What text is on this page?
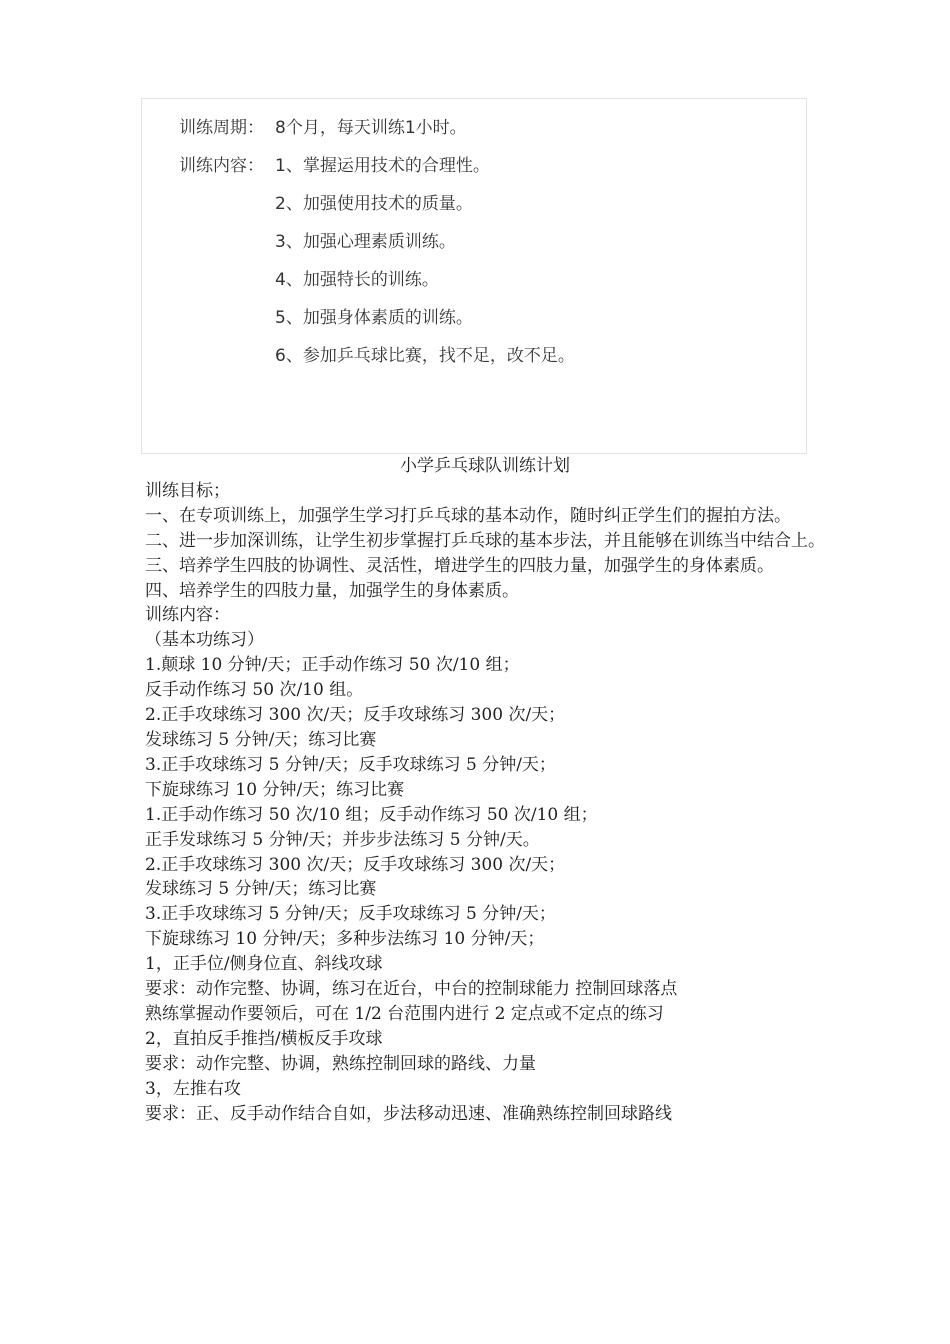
训练周期： 8个月，每天训练1小时。
训练内容： 1、掌握运用技术的合理性。
2、加强使用技术的质量。
3、加强心理素质训练。
4、加强特长的训练。
5、加强身体素质的训练。
6、参加乒乓球比赛，找不足，改不足。
小学乒乓球队训练计划
训练目标；
一、在专项训练上，加强学生学习打乒乓球的基本动作，随时纠正学生们的握拍方法。
二、进一步加深训练，让学生初步掌握打乒乓球的基本步法，并且能够在训练当中结合上。
三、培养学生四肢的协调性、灵活性，增进学生的四肢力量，加强学生的身体素质。
四、培养学生的四肢力量，加强学生的身体素质。
训练内容：
（基本功练习）
1.颠球 10 分钟/天；正手动作练习 50 次/10 组；
反手动作练习 50 次/10 组。
2.正手攻球练习 300 次/天；反手攻球练习 300 次/天；
发球练习 5 分钟/天；练习比赛
3.正手攻球练习 5 分钟/天；反手攻球练习 5 分钟/天；
下旋球练习 10 分钟/天；练习比赛
1.正手动作练习 50 次/10 组；反手动作练习 50 次/10 组；
正手发球练习 5 分钟/天；并步步法练习 5 分钟/天。
2.正手攻球练习 300 次/天；反手攻球练习 300 次/天；
发球练习 5 分钟/天；练习比赛
3.正手攻球练习 5 分钟/天；反手攻球练习 5 分钟/天；
下旋球练习 10 分钟/天；多种步法练习 10 分钟/天；
1，正手位/侧身位直、斜线攻球
要求：动作完整、协调，练习在近台，中台的控制球能力 控制回球落点
熟练掌握动作要领后，可在 1/2 台范围内进行 2 定点或不定点的练习
2，直拍反手推挡/横板反手攻球
要求：动作完整、协调，熟练控制回球的路线、力量
3，左推右攻
要求：正、反手动作结合自如，步法移动迅速、准确熟练控制回球路线
